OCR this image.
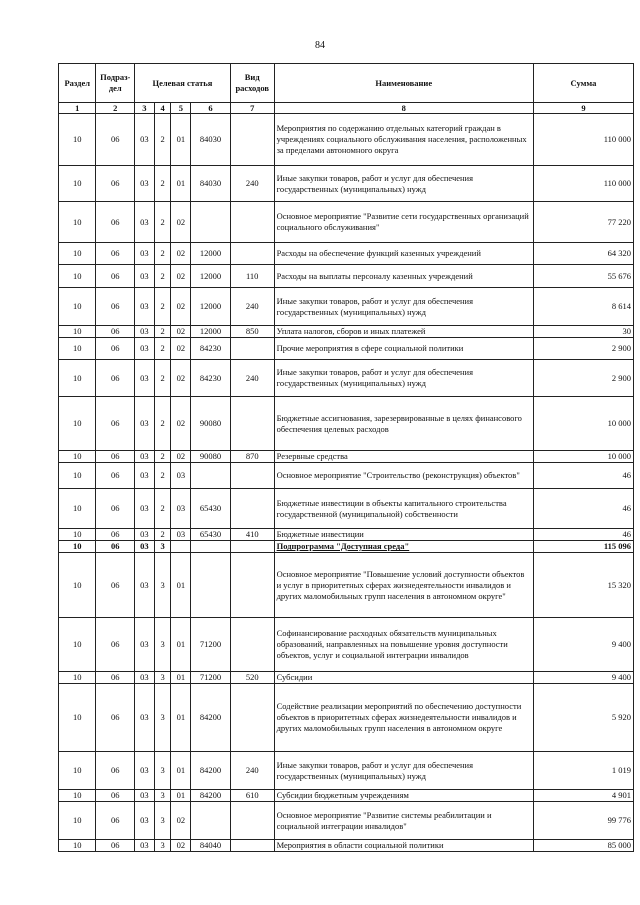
84
Раздел	Подраз-дел	Целевая статья				Вид расходов	Наименование	Сумма
1	2	3	4	5	6	7	8	9
10	06	03	2	01	84030		Мероприятия по содержанию отдельных категорий граждан в учреждениях социального обслуживания населения, расположенных за пределами автономного округа	110 000
10	06	03	2	01	84030	240	Иные закупки товаров, работ и услуг для обеспечения государственных (муниципальных) нужд	110 000
10	06	03	2	02			Основное мероприятие "Развитие сети государственных организаций социального обслуживания"	77 220
10	06	03	2	02	12000		Расходы на обеспечение функций казенных учреждений	64 320
10	06	03	2	02	12000	110	Расходы на выплаты персоналу казенных учреждений	55 676
10	06	03	2	02	12000	240	Иные закупки товаров, работ и услуг для обеспечения государственных (муниципальных) нужд	8 614
10	06	03	2	02	12000	850	Уплата налогов, сборов и иных платежей	30
10	06	03	2	02	84230		Прочие мероприятия в сфере социальной политики	2 900
10	06	03	2	02	84230	240	Иные закупки товаров, работ и услуг для обеспечения государственных (муниципальных) нужд	2 900
10	06	03	2	02	90080		Бюджетные ассигнования, зарезервированные в целях финансового обеспечения целевых расходов	10 000
10	06	03	2	02	90080	870	Резервные средства	10 000
10	06	03	2	03			Основное мероприятие "Строительство (реконструкция) объектов"	46
10	06	03	2	03	65430		Бюджетные инвестиции в объекты капитального строительства государственной (муниципальной) собственности	46
10	06	03	2	03	65430	410	Бюджетные инвестиции	46
10	06	03	3				Подпрограмма "Доступная среда"	115 096
10	06	03	3	01			Основное мероприятие "Повышение условий доступности объектов и услуг в приоритетных сферах жизнедеятельности инвалидов и других маломобильных групп населения в автономном округе"	15 320
10	06	03	3	01	71200		Софинансирование расходных обязательств муниципальных образований, направленных на повышение уровня доступности объектов, услуг и социальной интеграции инвалидов	9 400
10	06	03	3	01	71200	520	Субсидии	9 400
10	06	03	3	01	84200		Содействие реализации мероприятий по обеспечению доступности объектов в приоритетных сферах жизнедеятельности инвалидов и других маломобильных групп населения в автономном округе	5 920
10	06	03	3	01	84200	240	Иные закупки товаров, работ и услуг для обеспечения государственных (муниципальных) нужд	1 019
10	06	03	3	01	84200	610	Субсидии бюджетным учреждениям	4 901
10	06	03	3	02			Основное мероприятие "Развитие системы реабилитации и социальной интеграции инвалидов"	99 776
10	06	03	3	02	84040		Мероприятия в области социальной политики	85 000
